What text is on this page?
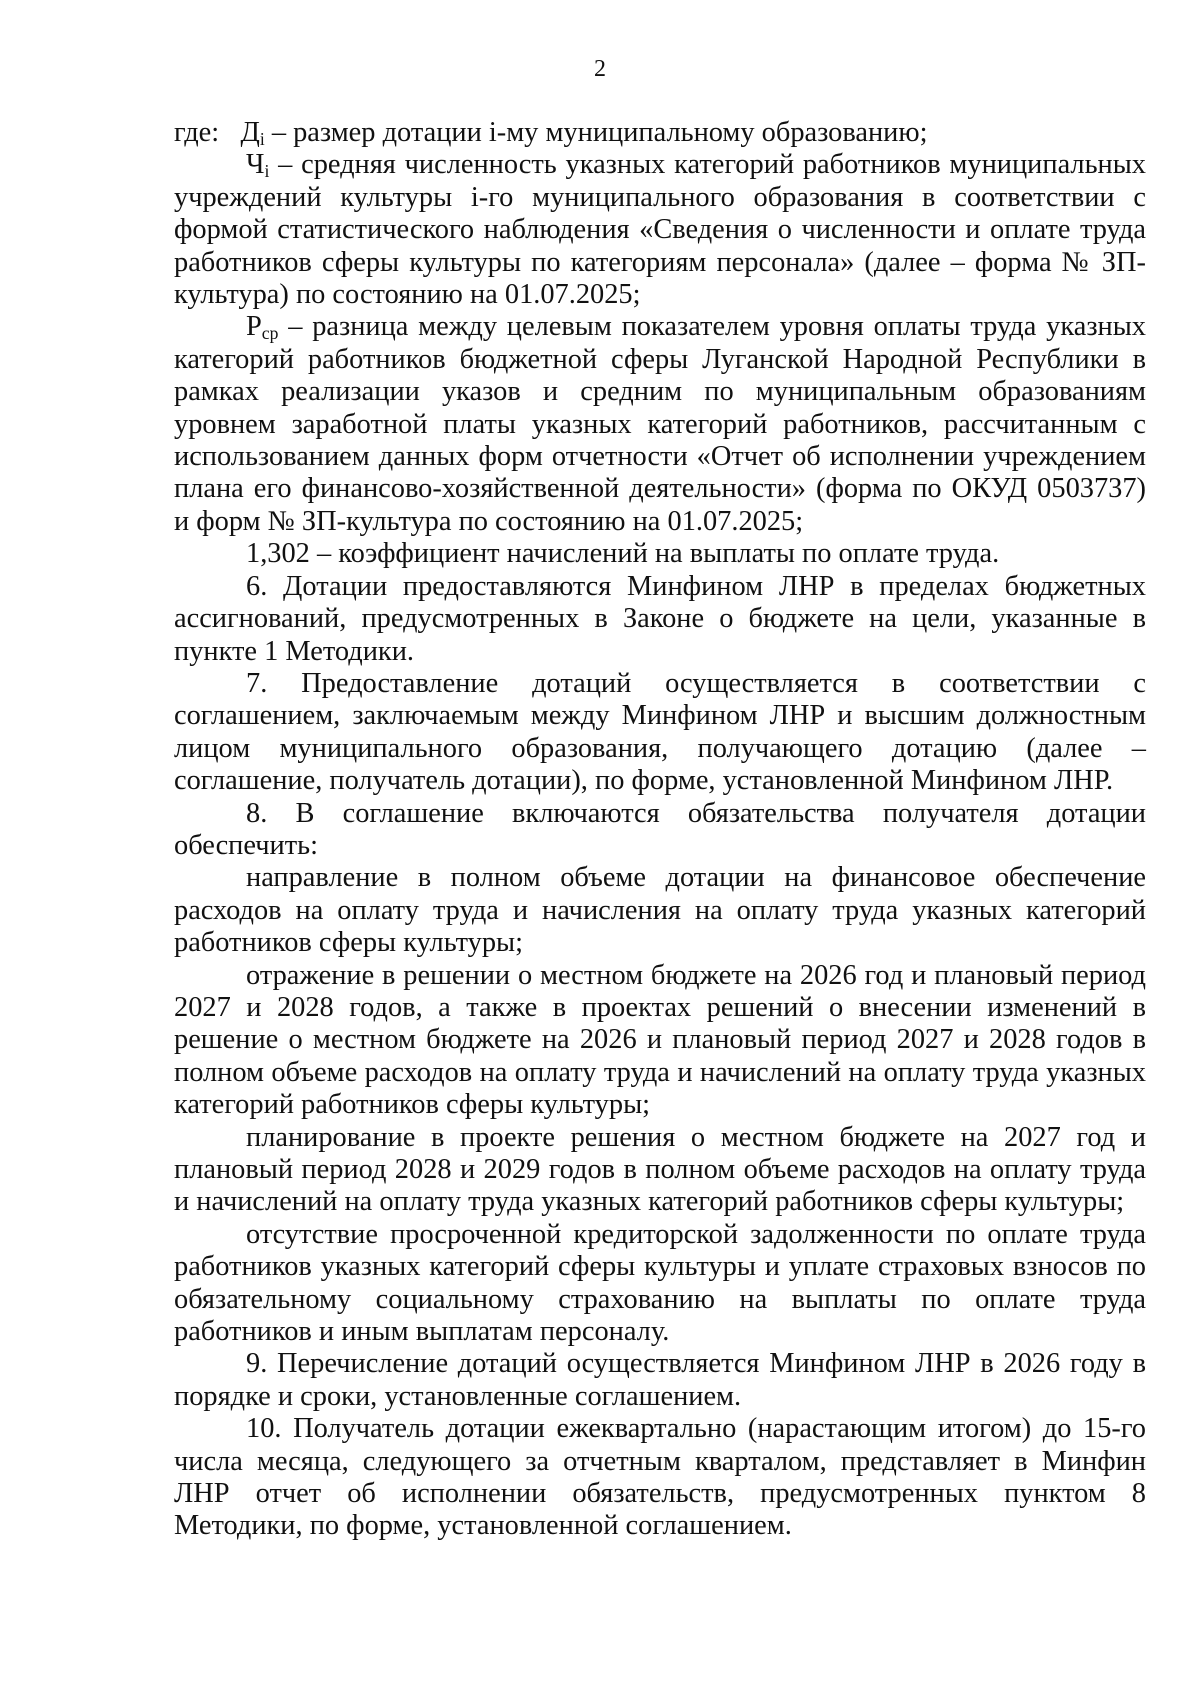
2

где:   $Д_i$ – размер дотации i-му муниципальному образованию;

$Ч_i$ – средняя численность указных категорий работников муниципальных учреждений культуры i-го муниципального образования в соответствии с формой статистического наблюдения «Сведения о численности и оплате труда работников сферы культуры по категориям персонала» (далее – форма № ЗП-культура) по состоянию на 01.07.2025;

$Р_{ср}$ – разница между целевым показателем уровня оплаты труда указных категорий работников бюджетной сферы Луганской Народной Республики в рамках реализации указов и средним по муниципальным образованиям уровнем заработной платы указных категорий работников, рассчитанным с использованием данных форм отчетности «Отчет об исполнении учреждением плана его финансово-хозяйственной деятельности» (форма по ОКУД 0503737) и форм № ЗП-культура по состоянию на 01.07.2025;

1,302 – коэффициент начислений на выплаты по оплате труда.

6. Дотации предоставляются Минфином ЛНР в пределах бюджетных ассигнований, предусмотренных в Законе о бюджете на цели, указанные в пункте 1 Методики.

7. Предоставление дотаций осуществляется в соответствии с соглашением, заключаемым между Минфином ЛНР и высшим должностным лицом муниципального образования, получающего дотацию (далее – соглашение, получатель дотации), по форме, установленной Минфином ЛНР.

8. В соглашение включаются обязательства получателя дотации обеспечить:

направление в полном объеме дотации на финансовое обеспечение расходов на оплату труда и начисления на оплату труда указных категорий работников сферы культуры;

отражение в решении о местном бюджете на 2026 год и плановый период 2027 и 2028 годов, а также в проектах решений о внесении изменений в решение о местном бюджете на 2026 и плановый период 2027 и 2028 годов в полном объеме расходов на оплату труда и начислений на оплату труда указных категорий работников сферы культуры;

планирование в проекте решения о местном бюджете на 2027 год и плановый период 2028 и 2029 годов в полном объеме расходов на оплату труда и начислений на оплату труда указных категорий работников сферы культуры;

отсутствие просроченной кредиторской задолженности по оплате труда работников указных категорий сферы культуры и уплате страховых взносов по обязательному социальному страхованию на выплаты по оплате труда работников и иным выплатам персоналу.

9. Перечисление дотаций осуществляется Минфином ЛНР в 2026 году в порядке и сроки, установленные соглашением.

10. Получатель дотации ежеквартально (нарастающим итогом) до 15-го числа месяца, следующего за отчетным кварталом, представляет в Минфин ЛНР отчет об исполнении обязательств, предусмотренных пунктом 8 Методики, по форме, установленной соглашением.
